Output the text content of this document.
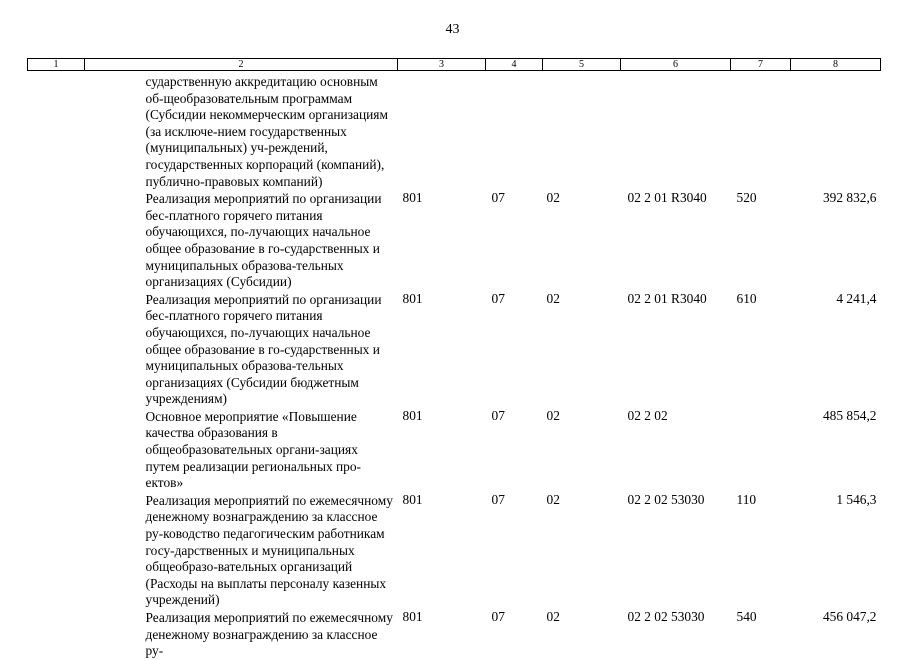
43
1	2	3	4	5	6	7	8
	сударственную аккредитацию основным об-щеобразовательным программам (Субсидии некоммерческим организациям (за исключе-нием государственных (муниципальных) уч-реждений, государственных корпораций (компаний), публично-правовых компаний)						
	Реализация мероприятий по организации бес-платного горячего питания обучающихся, по-лучающих начальное общее образование в го-сударственных и муниципальных образова-тельных организациях (Субсидии)	801	07	02	02 2 01 R3040	520	392 832,6
	Реализация мероприятий по организации бес-платного горячего питания обучающихся, по-лучающих начальное общее образование в го-сударственных и муниципальных образова-тельных организациях (Субсидии бюджетным учреждениям)	801	07	02	02 2 01 R3040	610	4 241,4
	Основное мероприятие «Повышение качества образования в общеобразовательных органи-зациях путем реализации региональных про-ектов»	801	07	02	02 2 02		485 854,2
	Реализация мероприятий по ежемесячному денежному вознаграждению за классное ру-ководство педагогическим работникам госу-дарственных и муниципальных общеобразо-вательных организаций (Расходы на выплаты персоналу казенных учреждений)	801	07	02	02 2 02 53030	110	1 546,3
	Реализация мероприятий по ежемесячному денежному вознаграждению за классное ру-	801	07	02	02 2 02 53030	540	456 047,2
